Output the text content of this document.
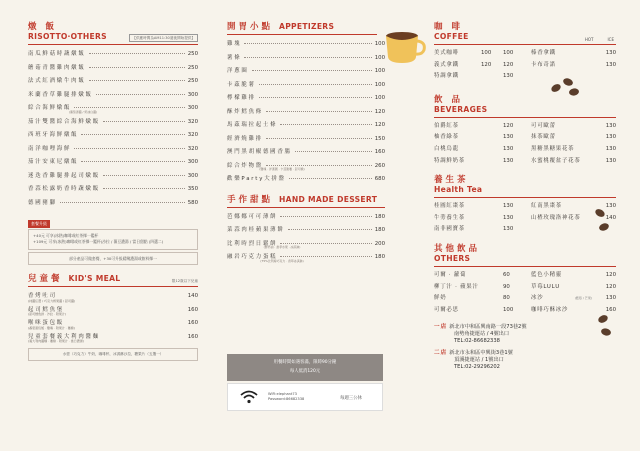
燉 飯
RISOTTO‧OTHERS	【供應時間為AM11:30過後開始提供】
南瓜鮮菇時蔬燉飯	250
蘑菇青醬雞肉燉飯	250
法式紅酒燉牛肉飯	250
米蘭香草雞腿排燉飯	300
綜合海鮮燉飯	300
(蕃茄清醬 / 奶油白醬)
茄汁雙醬綜合海鮮燉飯	320
西班牙海鮮燉飯	320
南洋咖哩海鮮	320
茄汁安東尼燉飯	300
迷迭香雞腿排起司燉飯	300
香蒜松露奶香時蔬燉飯	350
德國豬腳	580
套餐升級
+40元 可享(冰熱)咖啡或紅茶擇一鑑杯
+109元 可享(冰熱)咖啡或紅茶擇一鑑杯(沙拉 / 蕃豆濃湯 / 當日甜點 (四選二)
部分產品可做套餐，+30可升級精緻濃湯或飲料擇一
兒童餐 KID'S MEAL	限12歲以下兒童
香烤吐司	140
(抹醬任選 / 巧克力榛果醬 / 起司醬)
起司鱈魚堡	160
(起司鱈魚排 · 沙拉 · 附果汁)
喉咪蛋包飯	160
(番茄蛋包飯 · 雞塊 · 附果汁 · 薯條)
兒童套餐義大利肉醬麵	160
(義大利肉醬麵 · 薯條 · 附果汁 · 當日濃湯)
水壺（巧克力）牛奶，咖啡杯，冰淇淋沙拉，糖果片（五選一）
開胃小點 APPETIZERS
雞塊	100
薯條	100
洋蔥圈	100
卡茲脆薯	100
檸檬雞排	100
酥炸鱈魚條	120
馬茲瑞拉起士條	120
經濟燒雞排	150
澳門黑胡椒德國香腸	160
綜合炸物盤	260
(雞塊 · 洋蔥圈 · 卡茲脆薯 · 起司條)
歡樂Party大拼盤	680
手作甜點 HAND MADE DESSERT
芭娜娜可可薄餅	180
菜蒜肉桂蘋果薄餅	180
比利時烈日鬆餅	200
(鮮奶油 · 當季水果 · 冰淇淋)
融岩巧克力蛋糕	180
(75%比利時巧克力 · 香草冰淇淋)
用餐時間如遇客滿，限時90分鐘
每人低消120元
WiFi:elephant73
Password:86682338	每週三公休
咖 啡
COFFEE	HOT	ICE
美式咖啡	100	100	榛香拿鐵	130
義式拿鐵	120	120	卡布奇諾	130
特調拿鐵	130
飲 品
BEVERAGES
伯爵紅茶	120	可可歐蕾	130
柚香綠茶	130	抹茶歐蕾	130
白桃烏龍	130	黑糖黑糖果花茶	130
特調鮮奶茶	130	水蜜桃覆盆子花茶	130
養生茶
Health Tea
桂圓紅棗茶	130	紅南黑棗茶	130
牛蒡養生茶	130	山楂玫瑰洛神花茶	140
南非國寶茶	130
其他飲品
OTHERS
可爾 · 蘿蔔	60	藍色小精靈	120
柳丁汁 · 蘋果汁	90	草莓LULU	120
鮮奶	80	冰沙	(藍莓 / 芒果)	130
可爾必思	100	咖啡巧酥冰沙	160
一店 新北市中和區興南路一段73巷2號
南勢角捷運站 / 4號出口
TEL:02-86682338
二店 新北市永和區中興街3巷1號
頂溪捷運站 / 1號出口
TEL:02-29296202
